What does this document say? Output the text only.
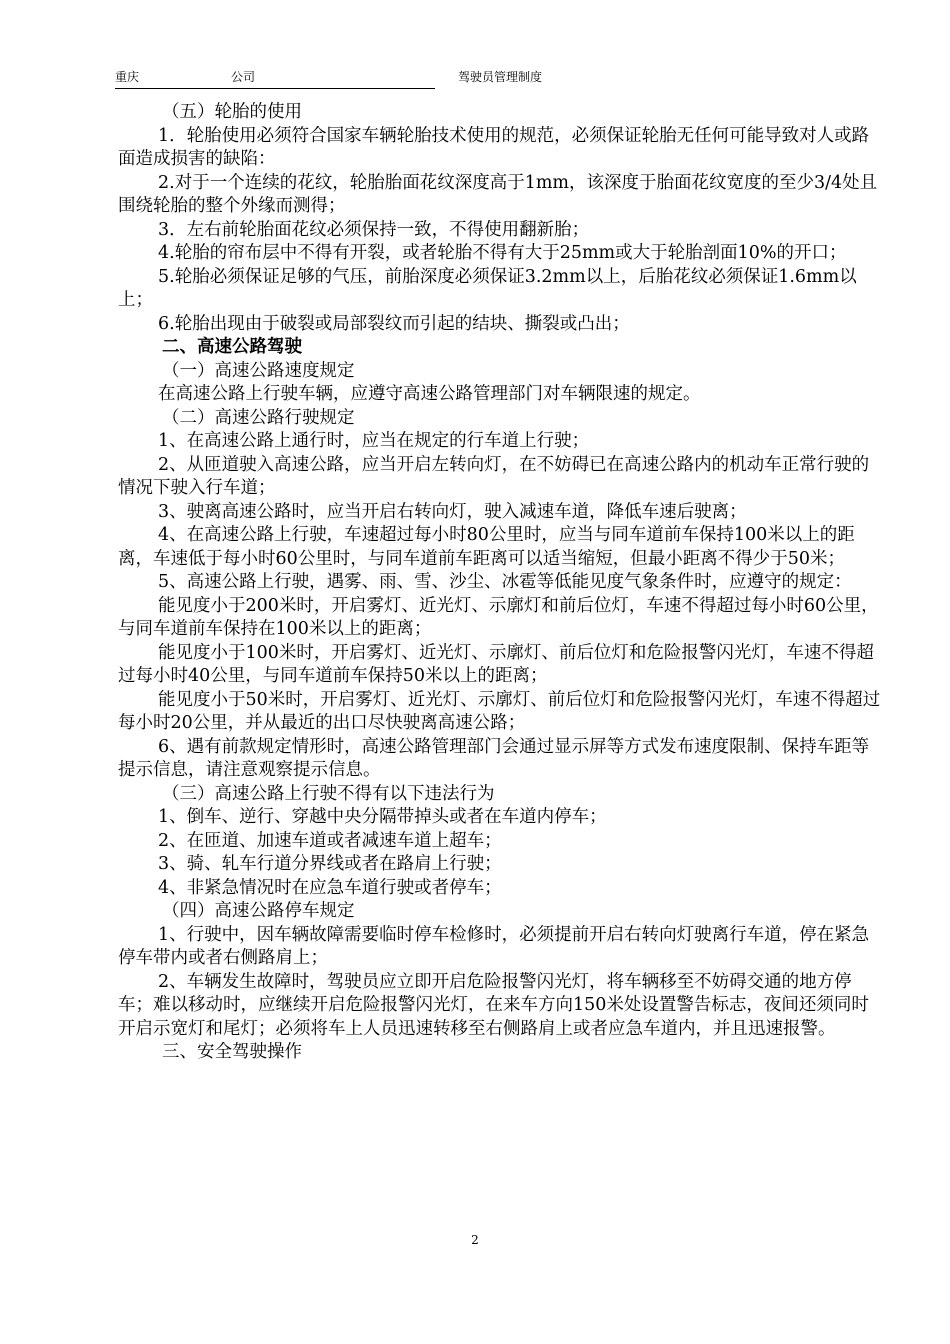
重庆	公司	驾驶员管理制度

（五）轮胎的使用

1．轮胎使用必须符合国家车辆轮胎技术使用的规范，必须保证轮胎无任何可能导致对人或路面造成损害的缺陷：

2.对于一个连续的花纹，轮胎胎面花纹深度高于1mm，该深度于胎面花纹宽度的至少3/4处且围绕轮胎的整个外缘而测得；

3．左右前轮胎面花纹必须保持一致，不得使用翻新胎；

4.轮胎的帘布层中不得有开裂，或者轮胎不得有大于25mm或大于轮胎剖面10%的开口；

5.轮胎必须保证足够的气压，前胎深度必须保证3.2mm以上，后胎花纹必须保证1.6mm以上；

6.轮胎出现由于破裂或局部裂纹而引起的结块、撕裂或凸出；

二、高速公路驾驶

（一）高速公路速度规定

在高速公路上行驶车辆，应遵守高速公路管理部门对车辆限速的规定。

（二）高速公路行驶规定

1、在高速公路上通行时，应当在规定的行车道上行驶；

2、从匝道驶入高速公路，应当开启左转向灯，在不妨碍已在高速公路内的机动车正常行驶的情况下驶入行车道；

3、驶离高速公路时，应当开启右转向灯，驶入减速车道，降低车速后驶离；

4、在高速公路上行驶，车速超过每小时80公里时，应当与同车道前车保持100米以上的距离，车速低于每小时60公里时，与同车道前车距离可以适当缩短，但最小距离不得少于50米；

5、高速公路上行驶，遇雾、雨、雪、沙尘、冰雹等低能见度气象条件时，应遵守的规定：

能见度小于200米时，开启雾灯、近光灯、示廓灯和前后位灯，车速不得超过每小时60公里，与同车道前车保持在100米以上的距离；

能见度小于100米时，开启雾灯、近光灯、示廓灯、前后位灯和危险报警闪光灯，车速不得超过每小时40公里，与同车道前车保持50米以上的距离；

能见度小于50米时，开启雾灯、近光灯、示廓灯、前后位灯和危险报警闪光灯，车速不得超过每小时20公里，并从最近的出口尽快驶离高速公路；

6、遇有前款规定情形时，高速公路管理部门会通过显示屏等方式发布速度限制、保持车距等提示信息，请注意观察提示信息。

（三）高速公路上行驶不得有以下违法行为

1、倒车、逆行、穿越中央分隔带掉头或者在车道内停车；

2、在匝道、加速车道或者减速车道上超车；

3、骑、轧车行道分界线或者在路肩上行驶；

4、非紧急情况时在应急车道行驶或者停车；

（四）高速公路停车规定

1、行驶中，因车辆故障需要临时停车检修时，必须提前开启右转向灯驶离行车道，停在紧急停车带内或者右侧路肩上；

2、车辆发生故障时，驾驶员应立即开启危险报警闪光灯，将车辆移至不妨碍交通的地方停车；难以移动时，应继续开启危险报警闪光灯，在来车方向150米处设置警告标志，夜间还须同时开启示宽灯和尾灯；必须将车上人员迅速转移至右侧路肩上或者应急车道内，并且迅速报警。

三、安全驾驶操作

2
